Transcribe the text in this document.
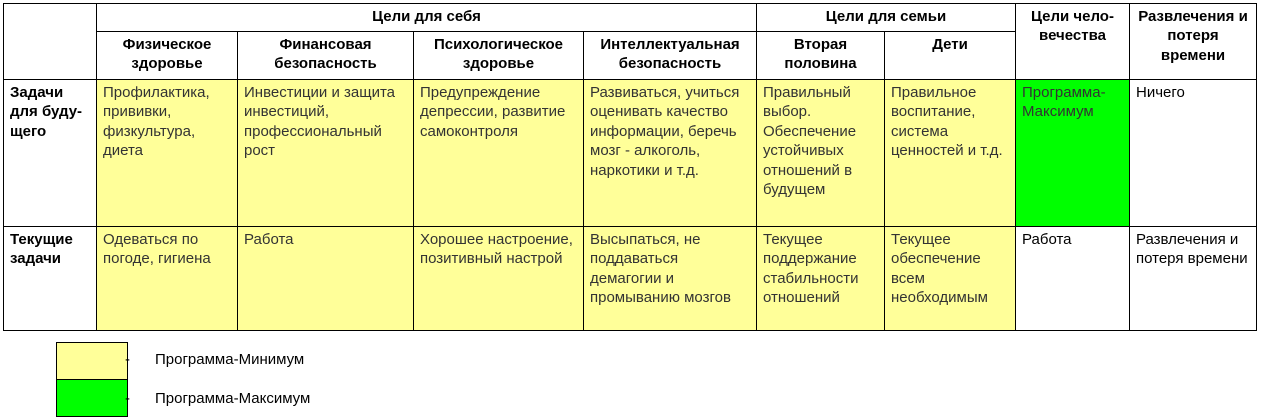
	Цели для себя				Цели для семьи		Цели чело-вечества	Развлечения и потеря времени
	Физическое здоровье	Финансовая безопасность	Психологическое здоровье	Интеллектуальная безопасность	Вторая половина	Дети		
Задачи для буду-щего	Профилактика, прививки, физкультура, диета	Инвестиции и защита инвестиций, профессиональный рост	Предупреждение депрессии, развитие самоконтроля	Развиваться, учиться оценивать качество информации, беречь мозг - алкоголь, наркотики и т.д.	Правильный выбор. Обеспечение устойчивых отношений в будущем	Правильное воспитание, система ценностей и т.д.	Программа-Максимум	Ничего
Текущие задачи	Одеваться по погоде, гигиена	Работа	Хорошее настроение, позитивный настрой	Высыпаться, не поддаваться демагогии и промыванию мозгов	Текущее поддержание стабильности отношений	Текущее обеспечение всем необходимым	Работа	Развлечения и потеря времени
- Программа-Минимум
- Программа-Максимум
